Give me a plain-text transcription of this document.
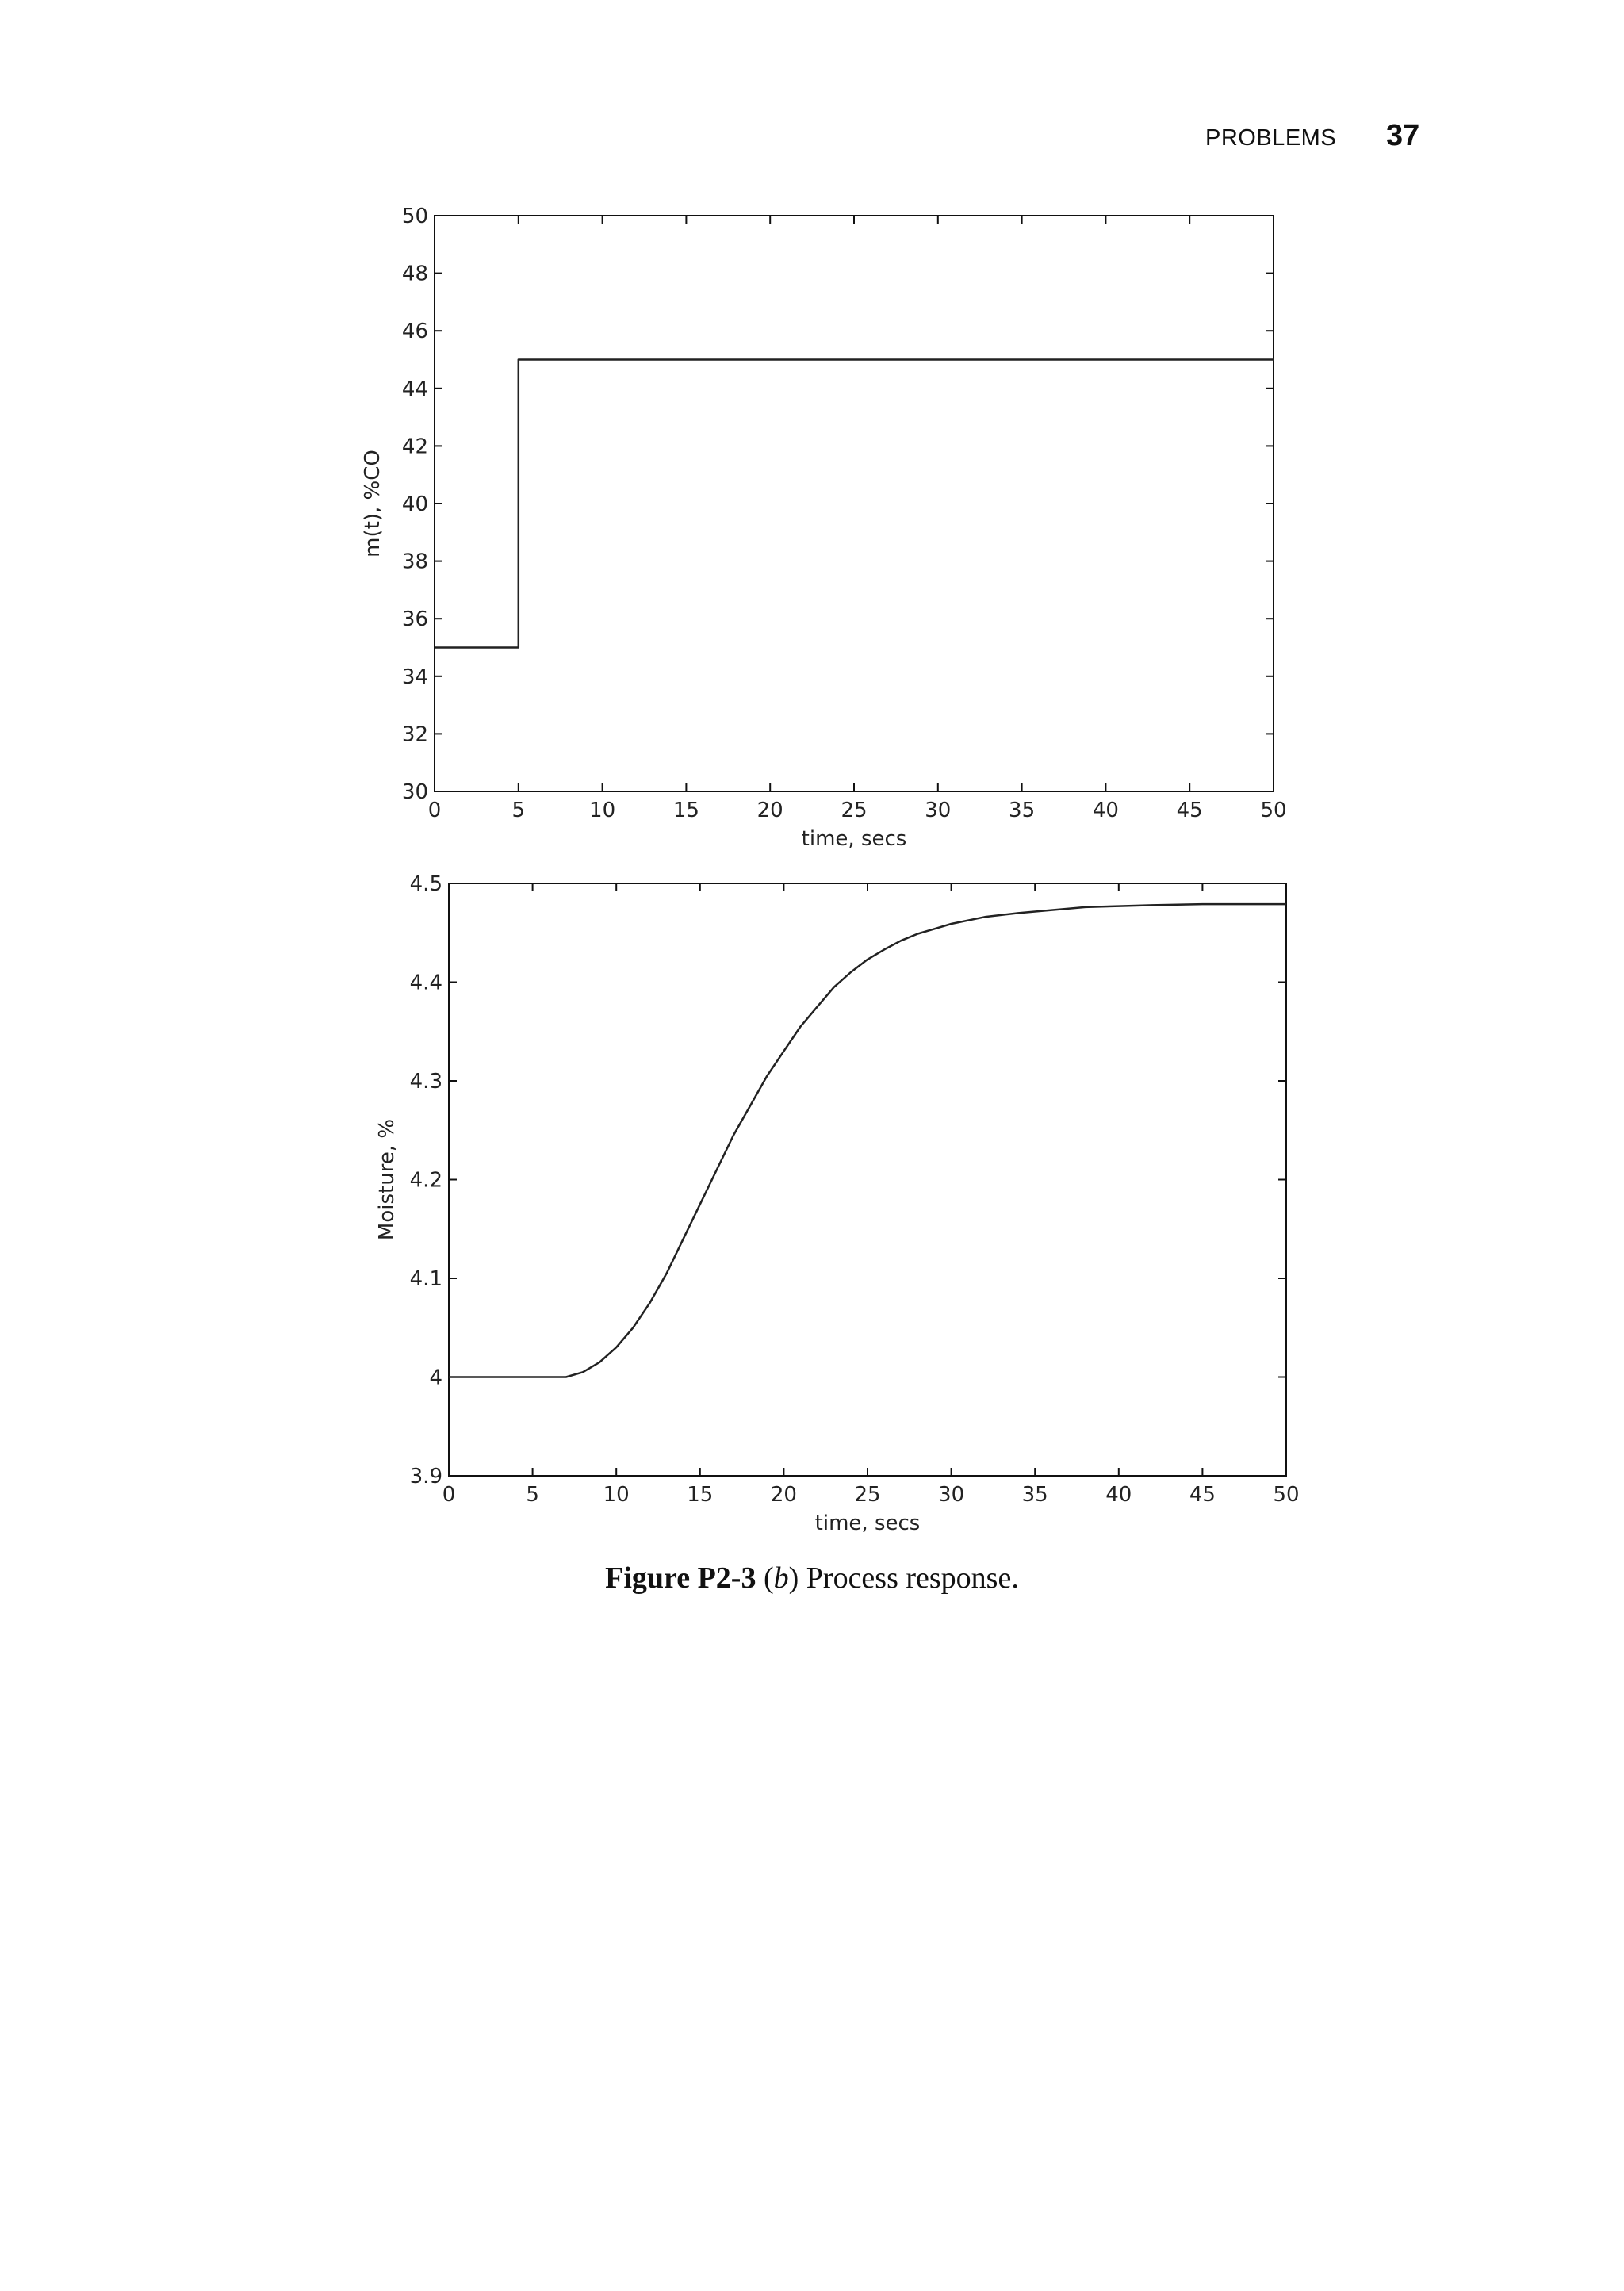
PROBLEMS 37
0	5	10	15	20	25	30	35	40	45	50
30
32
34
36
38
40
42
44
46
48
50
time, secs
m(t), %CO
0	5	10	15	20	25	30	35	40	45	50
3.9
4
4.1
4.2
4.3
4.4
4.5
time, secs
Moisture, %
Figure P2-3 (b) Process response.
